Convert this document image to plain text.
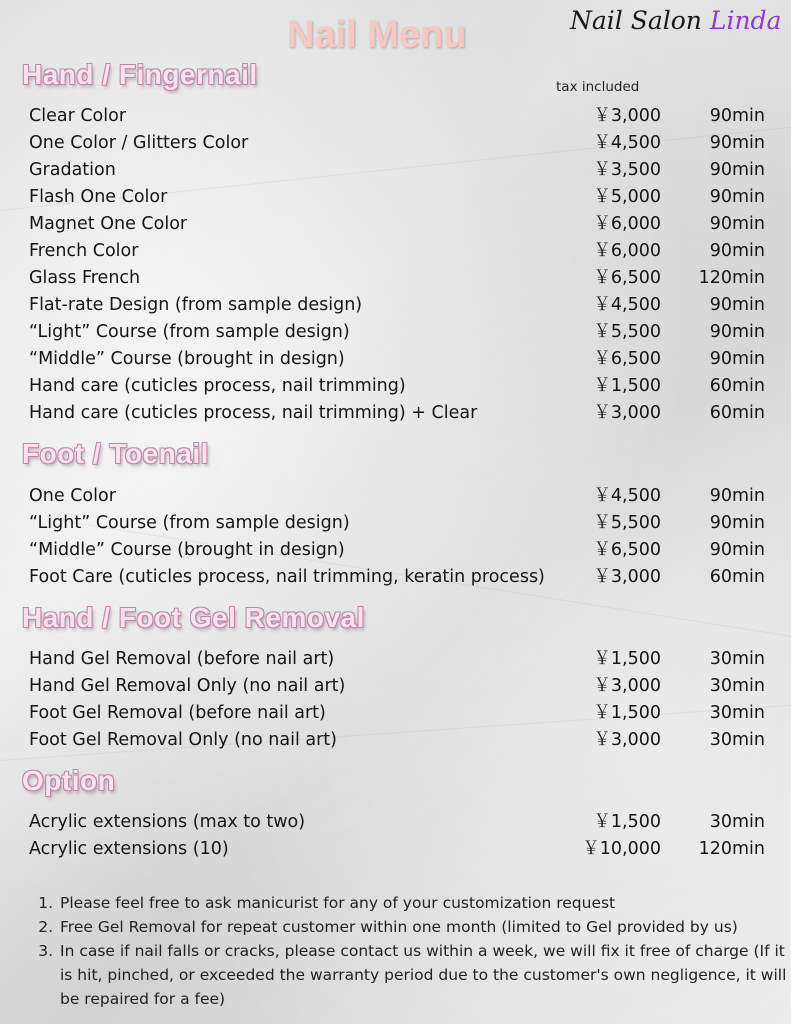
Nail Menu	Nail Salon Linda
tax included
Hand / Fingernail
Clear Color	￥3,000	90min
One Color / Glitters Color	￥4,500	90min
Gradation	￥3,500	90min
Flash One Color	￥5,000	90min
Magnet One Color	￥6,000	90min
French Color	￥6,000	90min
Glass French	￥6,500 120min
Flat-rate Design (from sample design)	￥4,500	90min
“Light” Course (from sample design)	￥5,500	90min
“Middle” Course (brought in design)	￥6,500	90min
Hand care (cuticles process, nail trimming)	￥1,500	60min
Hand care (cuticles process, nail trimming) + Clear	￥3,000	60min
Foot / Toenail
One Color	￥4,500	90min
“Light” Course (from sample design)	￥5,500	90min
“Middle” Course (brought in design)	￥6,500	90min
Foot Care (cuticles process, nail trimming, keratin process)	￥3,000	60min
Hand / Foot Gel Removal
Hand Gel Removal (before nail art)	￥1,500	30min
Hand Gel Removal Only (no nail art)	￥3,000	30min
Foot Gel Removal (before nail art)	￥1,500	30min
Foot Gel Removal Only (no nail art)	￥3,000	30min
Option
Acrylic extensions (max to two)	￥1,500	30min
Acrylic extensions (10)	￥10,000 120min
1. Please feel free to ask manicurist for any of your customization request
2. Free Gel Removal for repeat customer within one month (limited to Gel provided by us)
3. In case if nail falls or cracks, please contact us within a week, we will fix it free of charge (If it is hit, pinched, or exceeded the warranty period due to the customer's own negligence, it will be repaired for a fee)
